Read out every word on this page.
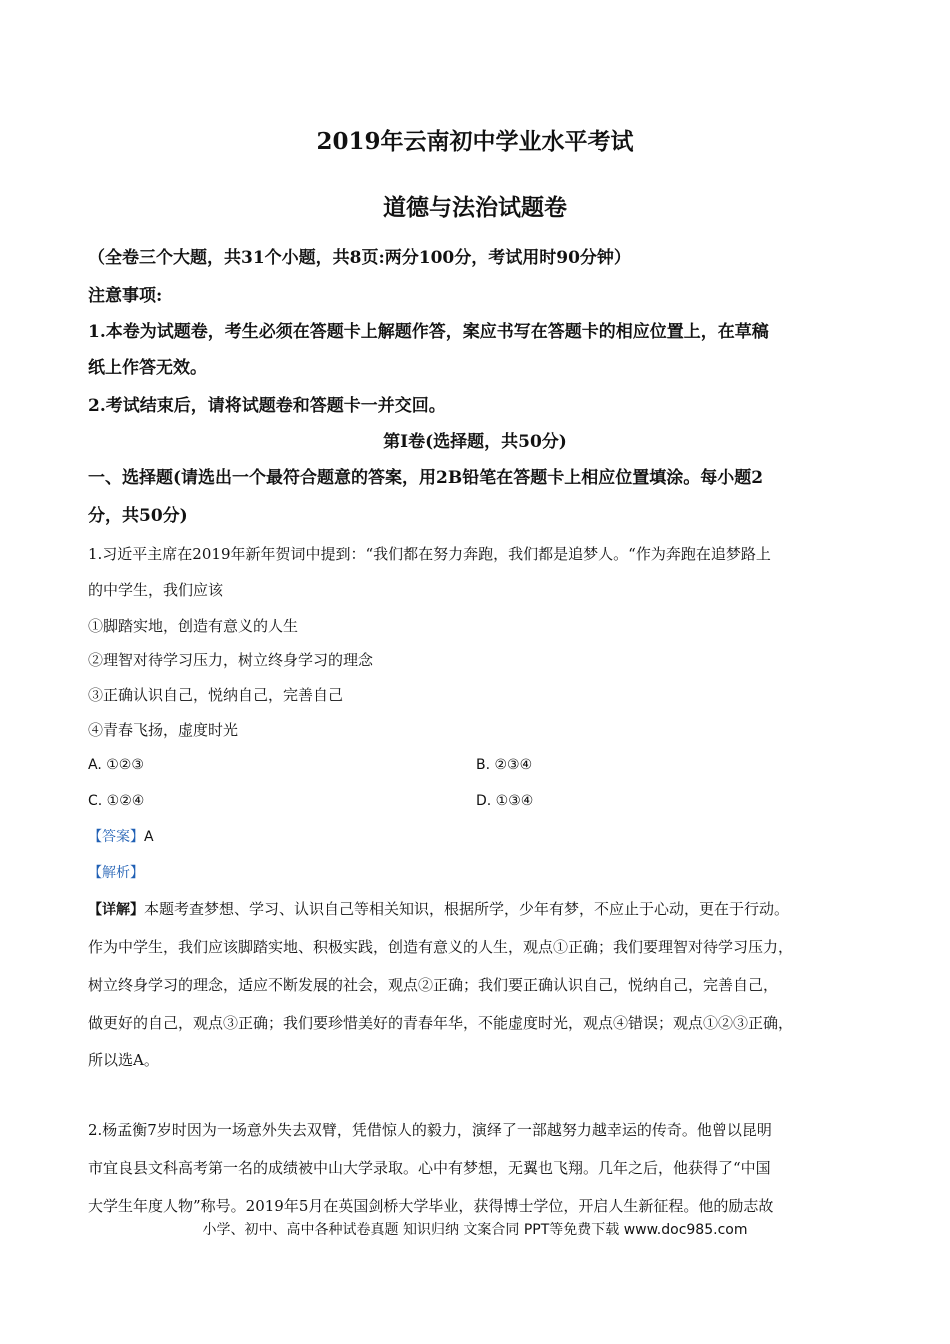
2019年云南初中学业水平考试
道德与法治试题卷
（全卷三个大题，共31个小题，共8页:两分100分，考试用时90分钟）
注意事项:
1.本卷为试题卷，考生必须在答题卡上解题作答，案应书写在答题卡的相应位置上，在草稿
纸上作答无效。
2.考试结束后，请将试题卷和答题卡一并交回。
第Ⅰ卷(选择题，共50分)
一、选择题(请选出一个最符合题意的答案，用2B铅笔在答题卡上相应位置填涂。每小题2
分，共50分)
1.习近平主席在2019年新年贺词中提到：“我们都在努力奔跑，我们都是追梦人。“作为奔跑在追梦路上
的中学生，我们应该
①脚踏实地，创造有意义的人生
②理智对待学习压力，树立终身学习的理念
③正确认识自己，悦纳自己，完善自己
④青春飞扬，虚度时光
A. ①②③	B. ②③④
C. ①②④	D. ①③④
【答案】A
【解析】
【详解】本题考查梦想、学习、认识自己等相关知识，根据所学，少年有梦，不应止于心动，更在于行动。
作为中学生，我们应该脚踏实地、积极实践，创造有意义的人生，观点①正确；我们要理智对待学习压力，
树立终身学习的理念，适应不断发展的社会，观点②正确；我们要正确认识自己，悦纳自己，完善自己，
做更好的自己，观点③正确；我们要珍惜美好的青春年华，不能虚度时光，观点④错误；观点①②③正确，
所以选A。
2.杨孟衡7岁时因为一场意外失去双臂，凭借惊人的毅力，演绎了一部越努力越幸运的传奇。他曾以昆明
市宜良县文科高考第一名的成绩被中山大学录取。心中有梦想，无翼也飞翔。几年之后，他获得了“中国
大学生年度人物”称号。2019年5月在英国剑桥大学毕业，获得博士学位，开启人生新征程。他的励志故
小学、初中、高中各种试卷真题 知识归纳 文案合同 PPT等免费下载 www.doc985.com
